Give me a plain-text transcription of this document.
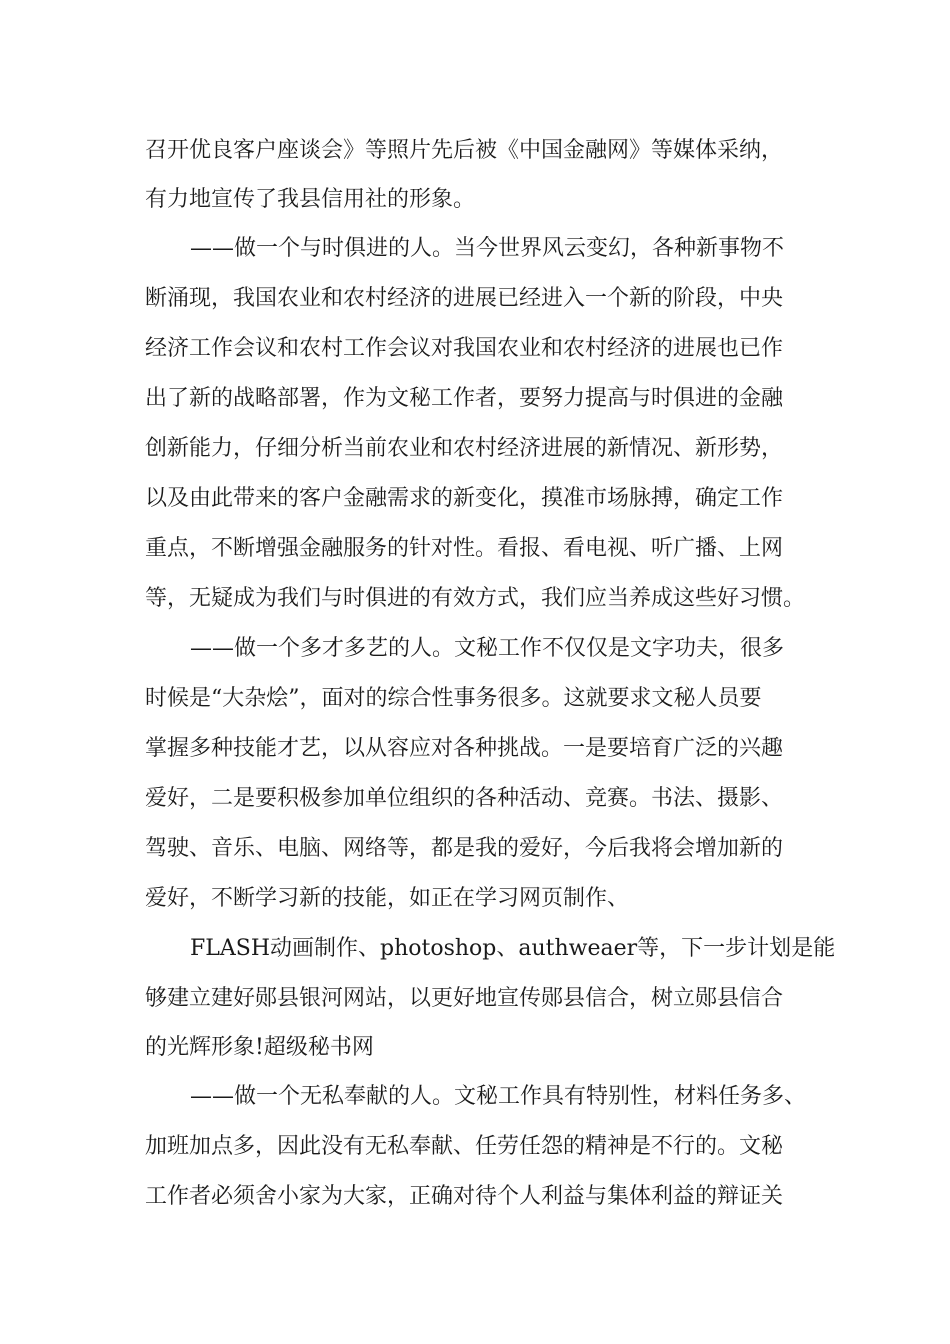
召开优良客户座谈会》等照片先后被《中国金融网》等媒体采纳，
有力地宣传了我县信用社的形象。
——做一个与时俱进的人。当今世界风云变幻，各种新事物不
断涌现，我国农业和农村经济的进展已经进入一个新的阶段，中央
经济工作会议和农村工作会议对我国农业和农村经济的进展也已作
出了新的战略部署，作为文秘工作者，要努力提高与时俱进的金融
创新能力，仔细分析当前农业和农村经济进展的新情况、新形势，
以及由此带来的客户金融需求的新变化，摸准市场脉搏，确定工作
重点，不断增强金融服务的针对性。看报、看电视、听广播、上网
等，无疑成为我们与时俱进的有效方式，我们应当养成这些好习惯。
——做一个多才多艺的人。文秘工作不仅仅是文字功夫，很多
时候是“大杂烩”，面对的综合性事务很多。这就要求文秘人员要
掌握多种技能才艺，以从容应对各种挑战。一是要培育广泛的兴趣
爱好，二是要积极参加单位组织的各种活动、竞赛。书法、摄影、
驾驶、音乐、电脑、网络等，都是我的爱好，今后我将会增加新的
爱好，不断学习新的技能，如正在学习网页制作、
FLASH动画制作、photoshop、authweaer等，下一步计划是能
够建立建好郧县银河网站，以更好地宣传郧县信合，树立郧县信合
的光辉形象!超级秘书网
——做一个无私奉献的人。文秘工作具有特别性，材料任务多、
加班加点多，因此没有无私奉献、任劳任怨的精神是不行的。文秘
工作者必须舍小家为大家，正确对待个人利益与集体利益的辩证关
